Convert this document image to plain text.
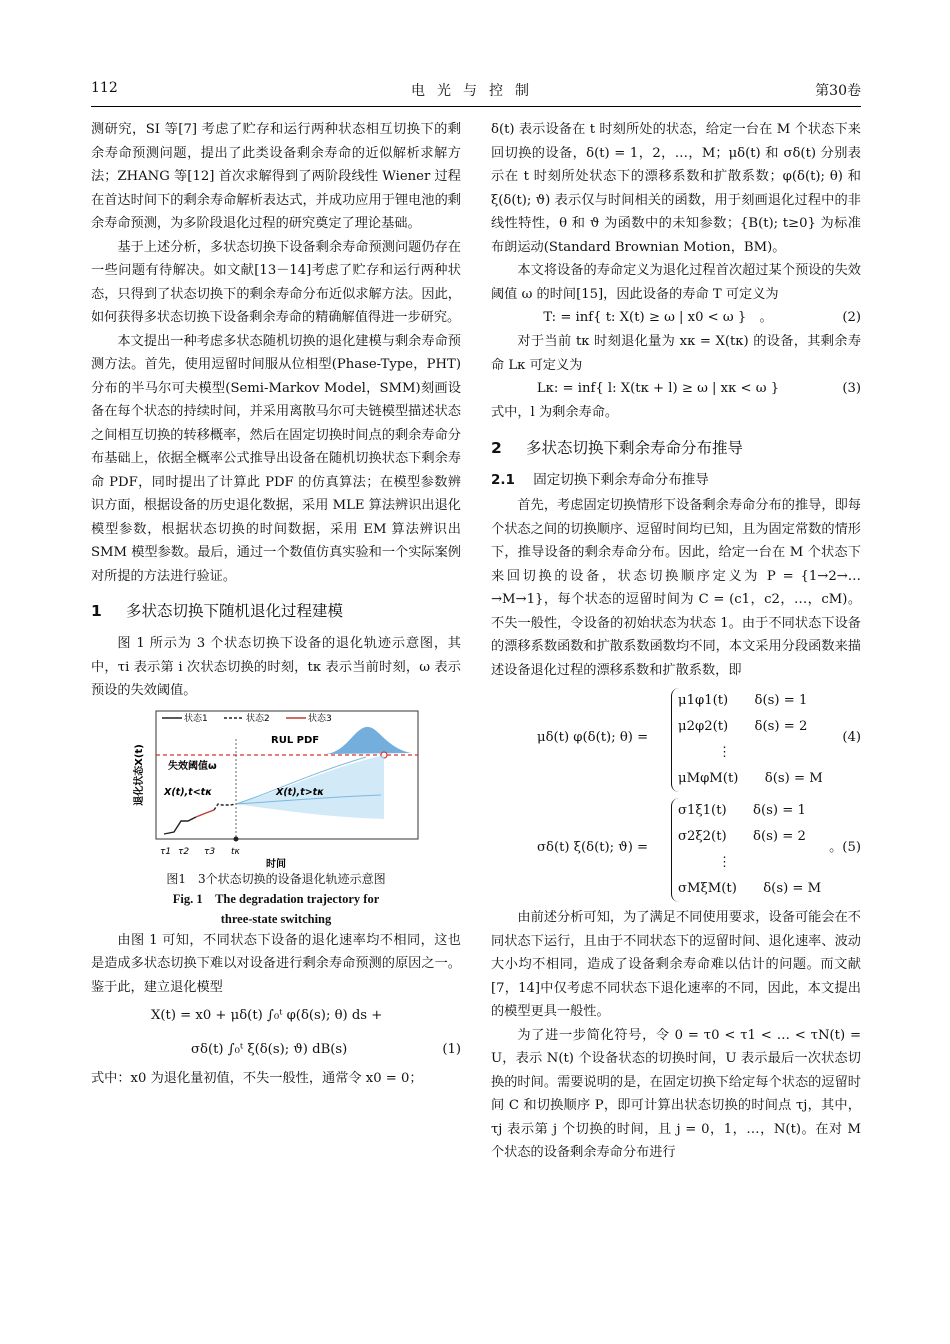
112	电光与控制	第30卷

测研究，SI 等[7] 考虑了贮存和运行两种状态相互切换下的剩余寿命预测问题，提出了此类设备剩余寿命的近似解析求解方法；ZHANG 等[12] 首次求解得到了两阶段线性 Wiener 过程在首达时间下的剩余寿命解析表达式，并成功应用于锂电池的剩余寿命预测，为多阶段退化过程的研究奠定了理论基础。

基于上述分析，多状态切换下设备剩余寿命预测问题仍存在一些问题有待解决。如文献[13－14]考虑了贮存和运行两种状态，只得到了状态切换下的剩余寿命分布近似求解方法。因此，如何获得多状态切换下设备剩余寿命的精确解值得进一步研究。

本文提出一种考虑多状态随机切换的退化建模与剩余寿命预测方法。首先，使用逗留时间服从位相型(Phase-Type，PHT)分布的半马尔可夫模型(Semi-Markov Model，SMM)刻画设备在每个状态的持续时间，并采用离散马尔可夫链模型描述状态之间相互切换的转移概率，然后在固定切换时间点的剩余寿命分布基础上，依据全概率公式推导出设备在随机切换状态下剩余寿命 PDF，同时提出了计算此 PDF 的仿真算法；在模型参数辨识方面，根据设备的历史退化数据，采用 MLE 算法辨识出退化模型参数，根据状态切换的时间数据，采用 EM 算法辨识出 SMM 模型参数。最后，通过一个数值仿真实验和一个实际案例对所提的方法进行验证。

1 多状态切换下随机退化过程建模

图 1 所示为 3 个状态切换下设备的退化轨迹示意图，其中，τi 表示第 i 次状态切换的时刻，tκ 表示当前时刻，ω 表示预设的失效阈值。

状态1	状态2	状态3
RUL PDF
失效阈值ω
X(t),t<tκ	X(t),t>tκ
τ1 τ2 τ3 tκ
时间
退化状态X(t)
图1　3个状态切换的设备退化轨迹示意图
Fig. 1　The degradation trajectory for
three-state switching

由图 1 可知，不同状态下设备的退化速率均不相同，这也是造成多状态切换下难以对设备进行剩余寿命预测的原因之一。鉴于此，建立退化模型

X(t) = x0 + μδ(t) ∫₀ᵗ φ(δ(s); θ) ds +
σδ(t) ∫₀ᵗ ξ(δ(s); ϑ) dB(s)	(1)

式中：x0 为退化量初值，不失一般性，通常令 x0 = 0；

δ(t) 表示设备在 t 时刻所处的状态，给定一台在 M 个状态下来回切换的设备，δ(t) = 1，2，…，M；μδ(t) 和 σδ(t) 分别表示在 t 时刻所处状态下的漂移系数和扩散系数；φ(δ(t); θ) 和 ξ(δ(t); ϑ) 表示仅与时间相关的函数，用于刻画退化过程中的非线性特性，θ 和 ϑ 为函数中的未知参数；{B(t); t≥0} 为标准布朗运动(Standard Brownian Motion，BM)。

本文将设备的寿命定义为退化过程首次超过某个预设的失效阈值 ω 的时间[15]，因此设备的寿命 T 可定义为

T: = inf{ t: X(t) ≥ ω | x0 < ω }　。	(2)

对于当前 tκ 时刻退化量为 xκ = X(tκ) 的设备，其剩余寿命 Lκ 可定义为

Lκ: = inf{ l: X(tκ + l) ≥ ω | xκ < ω }	(3)

式中，l 为剩余寿命。

2 多状态切换下剩余寿命分布推导
2.1 固定切换下剩余寿命分布推导

首先，考虑固定切换情形下设备剩余寿命分布的推导，即每个状态之间的切换顺序、逗留时间均已知，且为固定常数的情形下，推导设备的剩余寿命分布。因此，给定一台在 M 个状态下来回切换的设备，状态切换顺序定义为 P = {1→2→…→M→1}，每个状态的逗留时间为 C = (c1，c2，…，cM)。不失一般性，令设备的初始状态为状态 1。由于不同状态下设备的漂移系数函数和扩散系数函数均不同，本文采用分段函数来描述设备退化过程的漂移系数和扩散系数，即

μδ(t) φ(δ(t); θ) =
μ1φ1(t)　　δ(s) = 1
μ2φ2(t)　　δ(s) = 2
⋮
μMφM(t)　　δ(s) = M
(4)
σδ(t) ξ(δ(t); ϑ) =
σ1ξ1(t)　　δ(s) = 1
σ2ξ2(t)　　δ(s) = 2
⋮
σMξM(t)　　δ(s) = M
。(5)

由前述分析可知，为了满足不同使用要求，设备可能会在不同状态下运行，且由于不同状态下的逗留时间、退化速率、波动大小均不相同，造成了设备剩余寿命难以估计的问题。而文献[7，14]中仅考虑不同状态下退化速率的不同，因此，本文提出的模型更具一般性。

为了进一步简化符号，令 0 = τ0 < τ1 < … < τN(t) = U，表示 N(t) 个设备状态的切换时间，U 表示最后一次状态切换的时间。需要说明的是，在固定切换下给定每个状态的逗留时间 C 和切换顺序 P，即可计算出状态切换的时间点 τj，其中，τj 表示第 j 个切换的时间，且 j = 0，1，…，N(t)。在对 M 个状态的设备剩余寿命分布进行
